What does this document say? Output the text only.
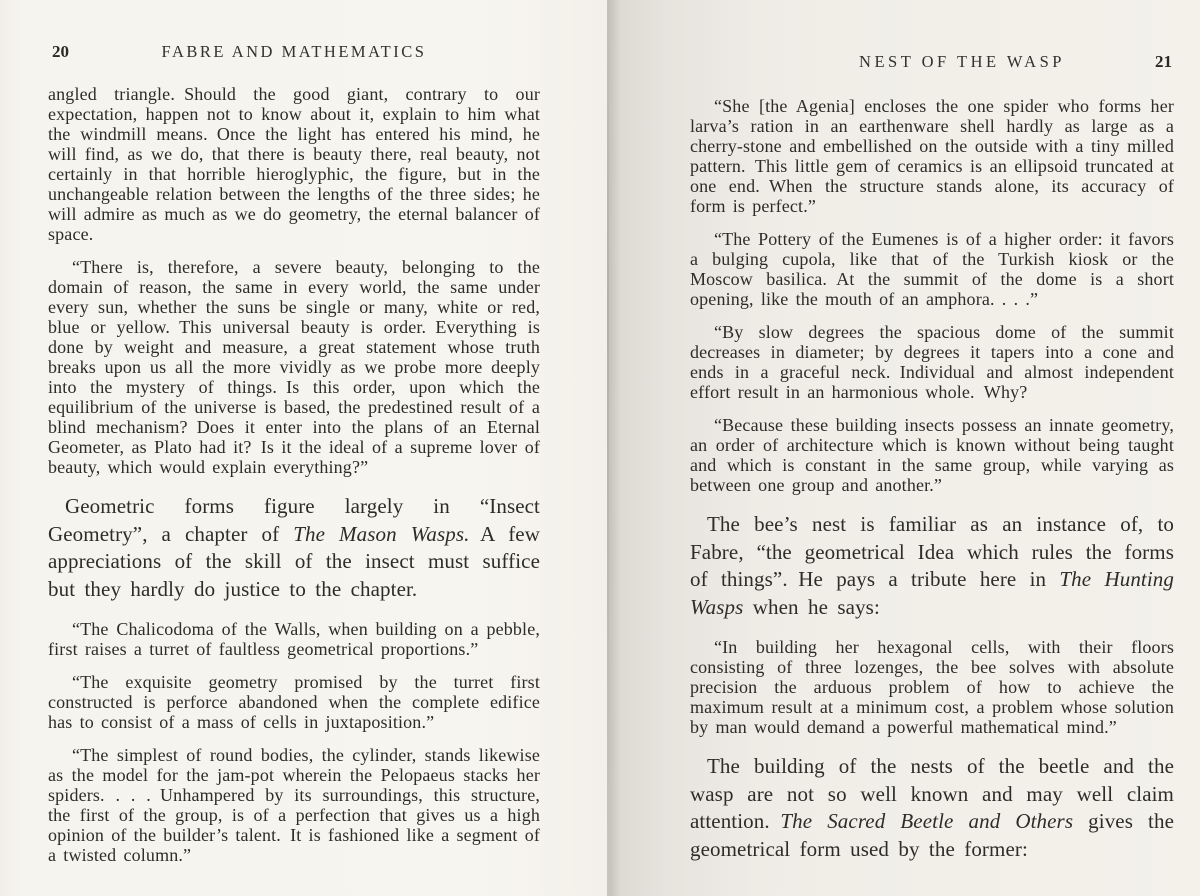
20	FABRE AND MATHEMATICS

angled triangle. Should the good giant, contrary to our expectation, happen not to know about it, explain to him what the windmill means. Once the light has entered his mind, he will find, as we do, that there is beauty there, real beauty, not certainly in that horrible hieroglyphic, the figure, but in the unchangeable relation between the lengths of the three sides; he will admire as much as we do geometry, the eternal balancer of space.

“There is, therefore, a severe beauty, belonging to the domain of reason, the same in every world, the same under every sun, whether the suns be single or many, white or red, blue or yellow. This universal beauty is order. Everything is done by weight and measure, a great statement whose truth breaks upon us all the more vividly as we probe more deeply into the mystery of things. Is this order, upon which the equilibrium of the universe is based, the predestined result of a blind mechanism? Does it enter into the plans of an Eternal Geometer, as Plato had it? Is it the ideal of a supreme lover of beauty, which would explain everything?”

Geometric forms figure largely in “Insect Geometry”, a chapter of The Mason Wasps. A few appreciations of the skill of the insect must suffice but they hardly do justice to the chapter.

“The Chalicodoma of the Walls, when building on a pebble, first raises a turret of faultless geometrical proportions.”

“The exquisite geometry promised by the turret first constructed is perforce abandoned when the complete edifice has to consist of a mass of cells in juxtaposition.”

“The simplest of round bodies, the cylinder, stands likewise as the model for the jam-pot wherein the Pelopaeus stacks her spiders. . . . Unhampered by its surroundings, this structure, the first of the group, is of a perfection that gives us a high opinion of the builder’s talent. It is fashioned like a segment of a twisted column.”

NEST OF THE WASP	21

“She [the Agenia] encloses the one spider who forms her larva’s ration in an earthenware shell hardly as large as a cherry-stone and embellished on the outside with a tiny milled pattern. This little gem of ceramics is an ellipsoid truncated at one end. When the structure stands alone, its accuracy of form is perfect.”

“The Pottery of the Eumenes is of a higher order: it favors a bulging cupola, like that of the Turkish kiosk or the Moscow basilica. At the summit of the dome is a short opening, like the mouth of an amphora. . . .”

“By slow degrees the spacious dome of the summit decreases in diameter; by degrees it tapers into a cone and ends in a graceful neck. Individual and almost independent effort result in an harmonious whole. Why?

“Because these building insects possess an innate geometry, an order of architecture which is known without being taught and which is constant in the same group, while varying as between one group and another.”

The bee’s nest is familiar as an instance of, to Fabre, “the geometrical Idea which rules the forms of things”. He pays a tribute here in The Hunting Wasps when he says:

“In building her hexagonal cells, with their floors consisting of three lozenges, the bee solves with absolute precision the arduous problem of how to achieve the maximum result at a minimum cost, a problem whose solution by man would demand a powerful mathematical mind.”

The building of the nests of the beetle and the wasp are not so well known and may well claim attention. The Sacred Beetle and Others gives the geometrical form used by the former:
